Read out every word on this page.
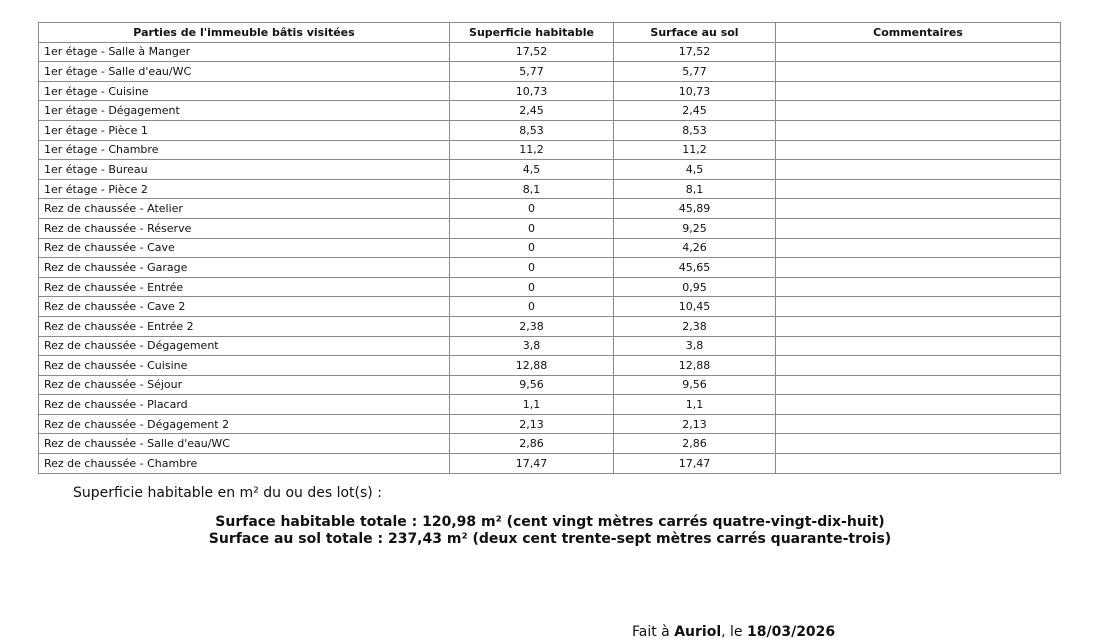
Parties de l'immeuble bâtis visitées	Superficie habitable	Surface au sol	Commentaires
1er étage - Salle à Manger	17,52	17,52	
1er étage - Salle d'eau/WC	5,77	5,77	
1er étage - Cuisine	10,73	10,73	
1er étage - Dégagement	2,45	2,45	
1er étage - Pièce 1	8,53	8,53	
1er étage - Chambre	11,2	11,2	
1er étage - Bureau	4,5	4,5	
1er étage - Pièce 2	8,1	8,1	
Rez de chaussée - Atelier	0	45,89	
Rez de chaussée - Réserve	0	9,25	
Rez de chaussée - Cave	0	4,26	
Rez de chaussée - Garage	0	45,65	
Rez de chaussée - Entrée	0	0,95	
Rez de chaussée - Cave 2	0	10,45	
Rez de chaussée - Entrée 2	2,38	2,38	
Rez de chaussée - Dégagement	3,8	3,8	
Rez de chaussée - Cuisine	12,88	12,88	
Rez de chaussée - Séjour	9,56	9,56	
Rez de chaussée - Placard	1,1	1,1	
Rez de chaussée - Dégagement 2	2,13	2,13	
Rez de chaussée - Salle d'eau/WC	2,86	2,86	
Rez de chaussée - Chambre	17,47	17,47	
Superficie habitable en m² du ou des lot(s) :
Surface habitable totale : 120,98 m² (cent vingt mètres carrés quatre-vingt-dix-huit)
Surface au sol totale : 237,43 m² (deux cent trente-sept mètres carrés quarante-trois)
Fait à Auriol, le 18/03/2026
